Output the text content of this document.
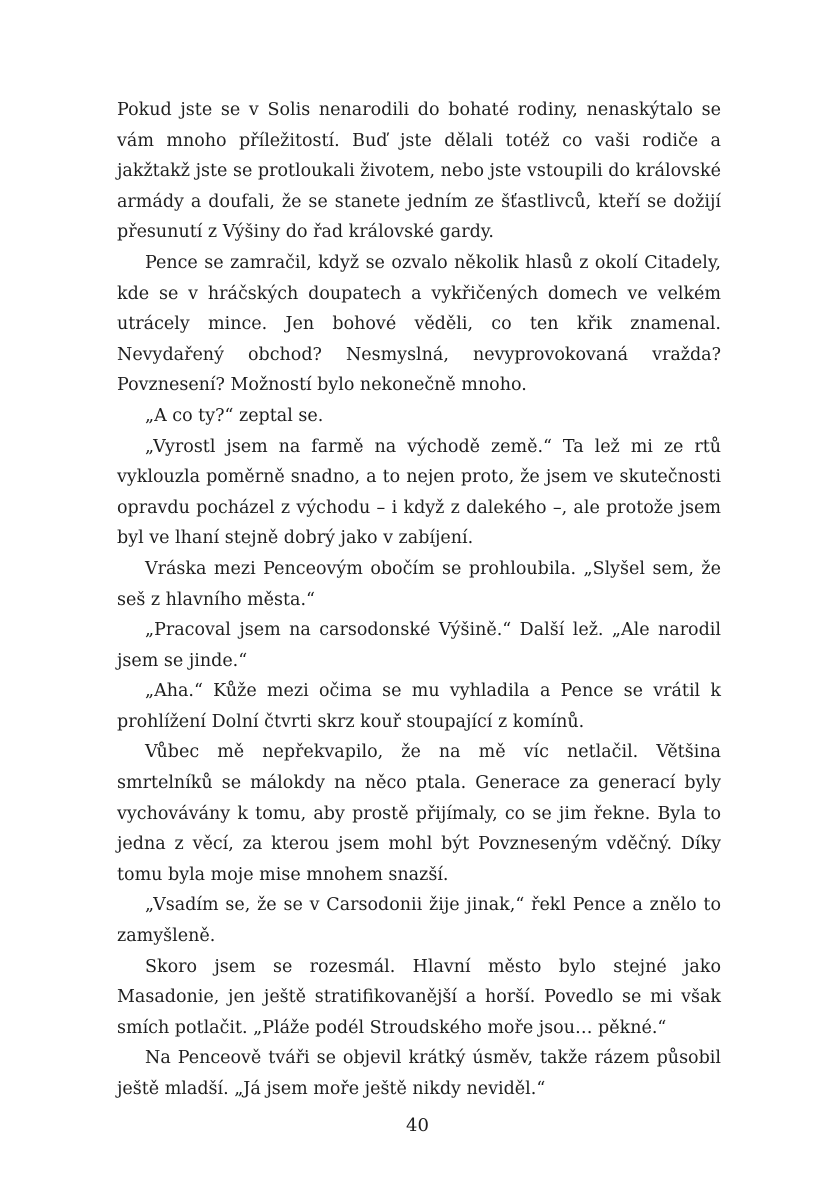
Pokud jste se v Solis nenarodili do bohaté rodiny, nenaskýtalo se vám mnoho příležitostí. Buď jste dělali totéž co vaši rodiče a jakžtakž jste se protloukali životem, nebo jste vstoupili do královské armády a doufali, že se stanete jedním ze šťastlivců, kteří se dožijí přesunutí z Výšiny do řad královské gardy.

Pence se zamračil, když se ozvalo několik hlasů z okolí Citadely, kde se v hráčských doupatech a vykřičených domech ve velkém utrácely mince. Jen bohové věděli, co ten křik znamenal. Nevydařený obchod? Nesmyslná, nevyprovokovaná vražda? Povznesení? Možností bylo nekonečně mnoho.

„A co ty?“ zeptal se.

„Vyrostl jsem na farmě na východě země.“ Ta lež mi ze rtů vyklouzla poměrně snadno, a to nejen proto, že jsem ve skutečnosti opravdu pocházel z východu – i když z dalekého –, ale protože jsem byl ve lhaní stejně dobrý jako v zabíjení.

Vráska mezi Penceovým obočím se prohloubila. „Slyšel sem, že seš z hlavního města.“

„Pracoval jsem na carsodonské Výšině.“ Další lež. „Ale narodil jsem se jinde.“

„Aha.“ Kůže mezi očima se mu vyhladila a Pence se vrátil k prohlížení Dolní čtvrti skrz kouř stoupající z komínů.

Vůbec mě nepřekvapilo, že na mě víc netlačil. Většina smrtelníků se málokdy na něco ptala. Generace za generací byly vychovávány k tomu, aby prostě přijímaly, co se jim řekne. Byla to jedna z věcí, za kterou jsem mohl být Povzneseným vděčný. Díky tomu byla moje mise mnohem snazší.

„Vsadím se, že se v Carsodonii žije jinak,“ řekl Pence a znělo to zamyšleně.

Skoro jsem se rozesmál. Hlavní město bylo stejné jako Masadonie, jen ještě stratifikovanější a horší. Povedlo se mi však smích potlačit. „Pláže podél Stroudského moře jsou… pěkné.“

Na Penceově tváři se objevil krátký úsměv, takže rázem působil ještě mladší. „Já jsem moře ještě nikdy neviděl.“

40
